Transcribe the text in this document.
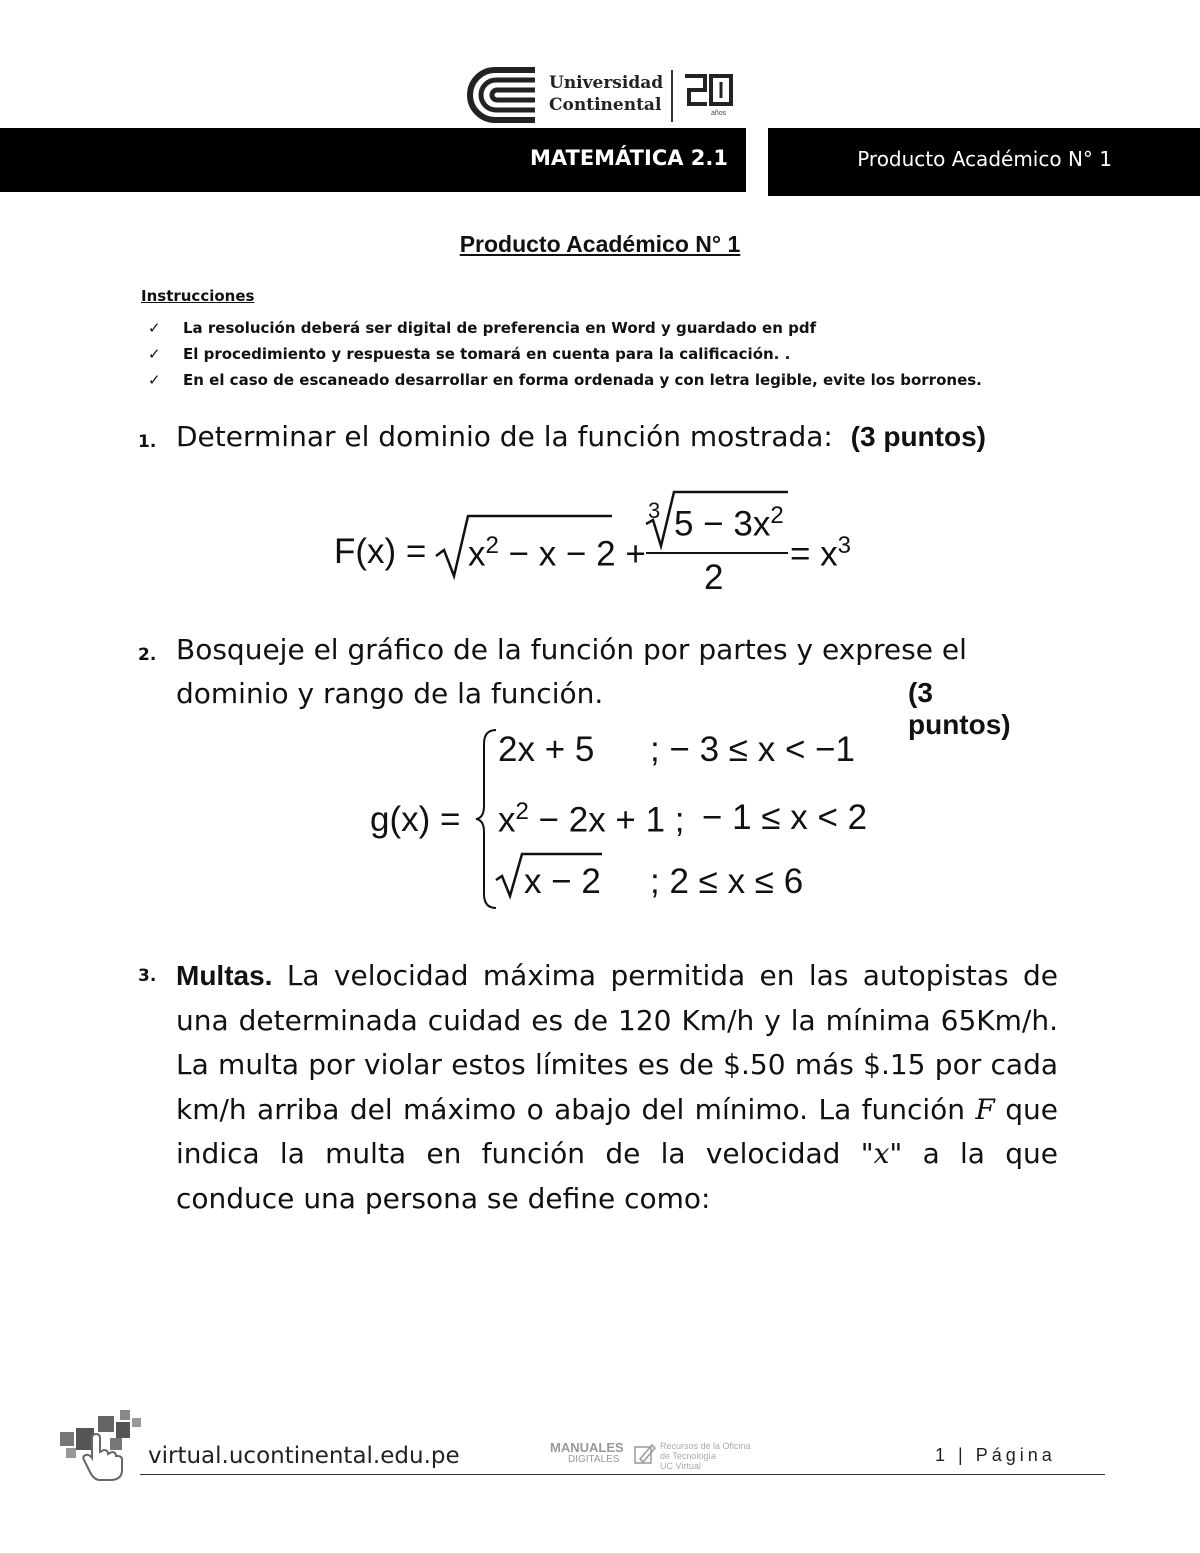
Universidad
Continental	años
MATEMÁTICA 2.1	Producto Académico N° 1
Producto Académico N° 1
Instrucciones
✓ La resolución deberá ser digital de preferencia en Word y guardado en pdf
✓ El procedimiento y respuesta se tomará en cuenta para la calificación. .
✓ En el caso de escaneado desarrollar en forma ordenada y con letra legible, evite los borrones.
1. Determinar el dominio de la función mostrada: (3 puntos)
$F(x) = x^2 - x - 2$ +
3 $5 - 3x^2$
2
= $x^3$
2. Bosqueje el gráfico de la función por partes y exprese el
dominio y rango de la función.	(3 puntos)
g(x) =
2x + 5 ; − 3 ≤ x < −1
$x^2 - 2x + 1$ ; − 1 ≤ x < 2
x − 2 ; 2 ≤ x ≤ 6
3. Multas. La velocidad máxima permitida en las autopistas de una determinada cuidad es de 120 Km/h y la mínima 65Km/h. La multa por violar estos límites es de $.50 más $.15 por cada km/h arriba del máximo o abajo del mínimo. La función F que indica la multa en función de la velocidad "x" a la que conduce una persona se define como:
virtual.ucontinental.edu.pe	MANUALES
DIGITALES
Recursos de la Oficina
de Tecnología
UC Virtual
1 | Página
